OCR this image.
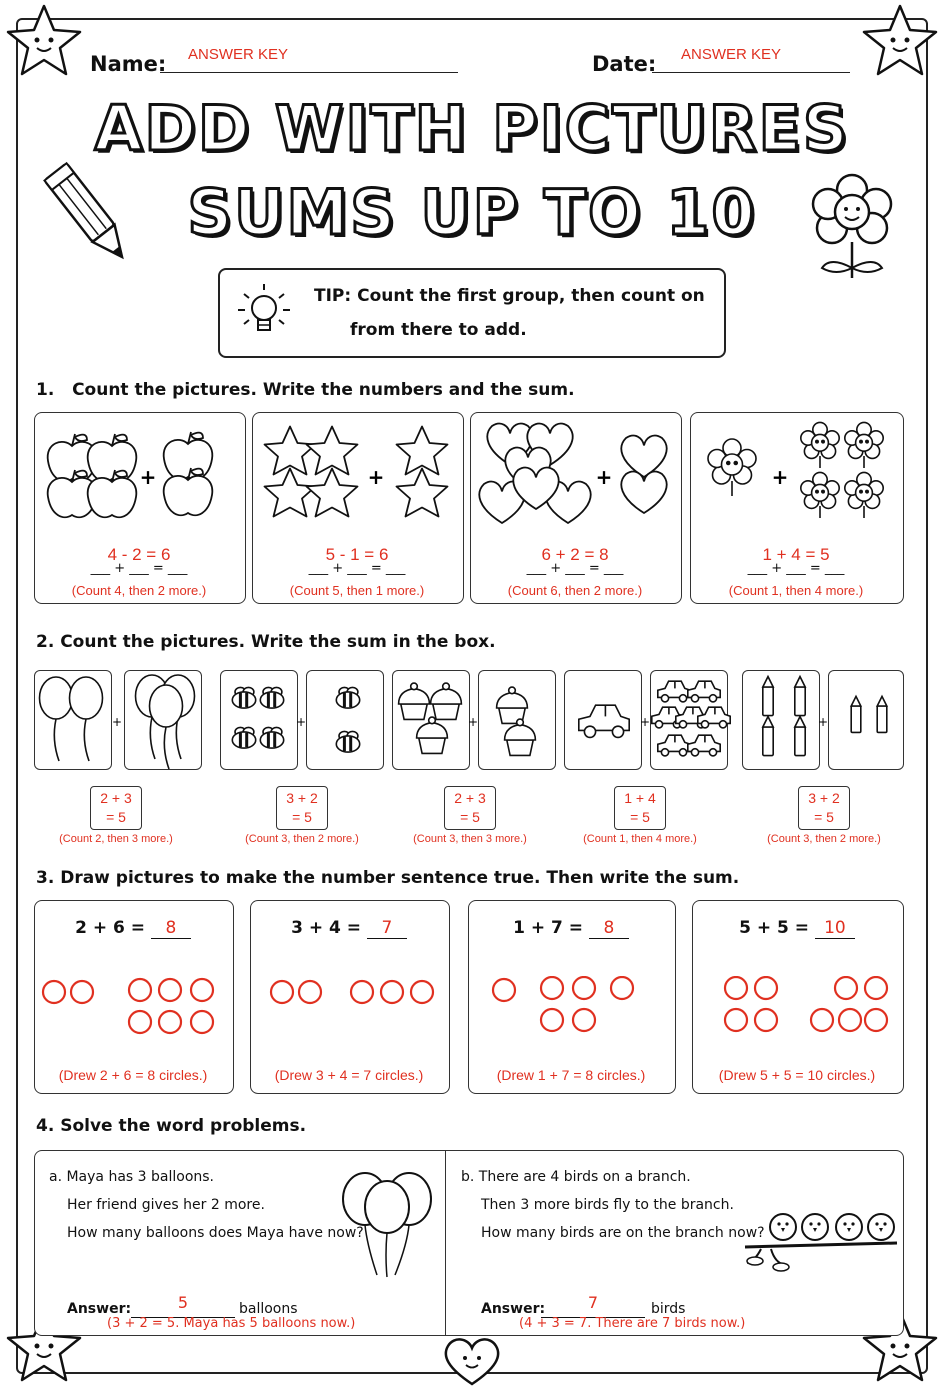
Name:	ANSWER KEY	Date:	ANSWER KEY
ADD WITH PICTURES
SUMS UP TO 10
TIP: Count the first group, then count on
from there to add.
1. Count the pictures. Write the numbers and the sum.
2. Count the pictures. Write the sum in the box.
3. Draw pictures to make the number sentence true. Then write the sum.
4. Solve the word problems.
a. Maya has 3 balloons.
Her friend gives her 2 more.
How many balloons does Maya have now?
Answer:	5	balloons
(3 + 2 = 5. Maya has 5 balloons now.)
b. There are 4 birds on a branch.
Then 3 more birds fly to the branch.
How many birds are on the branch now?
Answer:	7	birds
(4 + 3 = 7. There are 7 birds now.)
+
4 - 2 = 6
___ + ___ = ___
(Count 4, then 2 more.)
+
5 - 1 = 6
___ + ___ = ___
(Count 5, then 1 more.)
+
6 + 2 = 8
___ + ___ = ___
(Count 6, then 2 more.)
+
1 + 4 = 5
___ + ___ = ___
(Count 1, then 4 more.)
+
2 + 3
= 5
(Count 2, then 3 more.)
+
3 + 2
= 5
(Count 3, then 2 more.)
+
2 + 3
= 5
(Count 3, then 3 more.)
+
1 + 4
= 5
(Count 1, then 4 more.)
+
3 + 2
= 5
(Count 3, then 2 more.)
2 + 6 = 8
(Drew 2 + 6 = 8 circles.)
3 + 4 = 7
(Drew 3 + 4 = 7 circles.)
1 + 7 = 8
(Drew 1 + 7 = 8 circles.)
5 + 5 = 10
(Drew 5 + 5 = 10 circles.)
